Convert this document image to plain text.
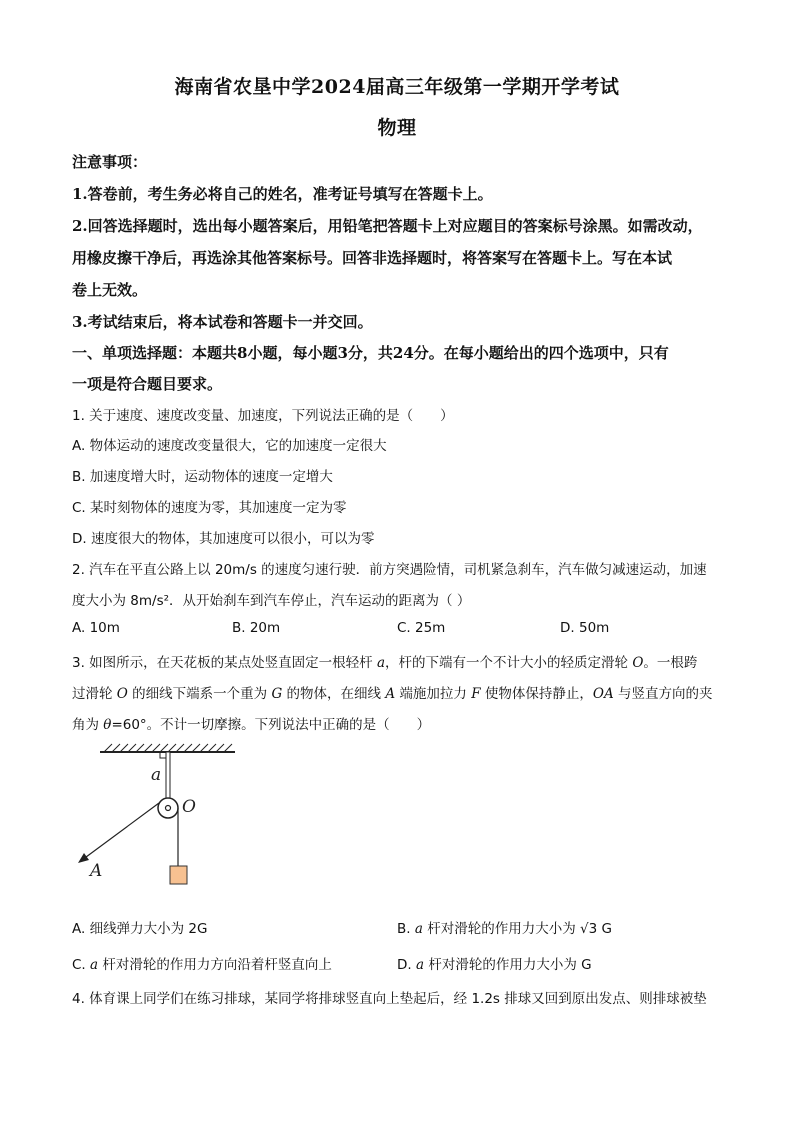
海南省农垦中学2024届高三年级第一学期开学考试
物理
注意事项：
1.答卷前，考生务必将自己的姓名，准考证号填写在答题卡上。
2.回答选择题时，选出每小题答案后，用铅笔把答题卡上对应题目的答案标号涂黑。如需改动，
用橡皮擦干净后，再选涂其他答案标号。回答非选择题时，将答案写在答题卡上。写在本试
卷上无效。
3.考试结束后，将本试卷和答题卡一并交回。
一、单项选择题：本题共8小题，每小题3分，共24分。在每小题给出的四个选项中，只有
一项是符合题目要求。
1. 关于速度、速度改变量、加速度，下列说法正确的是（　　）
A. 物体运动的速度改变量很大，它的加速度一定很大
B. 加速度增大时，运动物体的速度一定增大
C. 某时刻物体的速度为零，其加速度一定为零
D. 速度很大的物体，其加速度可以很小，可以为零
2. 汽车在平直公路上以 20m/s 的速度匀速行驶．前方突遇险情，司机紧急刹车，汽车做匀减速运动，加速
度大小为 8m/s²．从开始刹车到汽车停止，汽车运动的距离为（ ）
A. 10m	B. 20m	C. 25m	D. 50m
3. 如图所示，在天花板的某点处竖直固定一根轻杆 a，杆的下端有一个不计大小的轻质定滑轮 O。一根跨
过滑轮 O 的细线下端系一个重为 G 的物体，在细线 A 端施加拉力 F 使物体保持静止，OA 与竖直方向的夹
角为 θ=60°。不计一切摩擦。下列说法中正确的是（　　）
a
O
A
A. 细线弹力大小为 2G	B. a 杆对滑轮的作用力大小为 √3 G
C. a 杆对滑轮的作用力方向沿着杆竖直向上	D. a 杆对滑轮的作用力大小为 G
4. 体育课上同学们在练习排球，某同学将排球竖直向上垫起后，经 1.2s 排球又回到原出发点、则排球被垫
